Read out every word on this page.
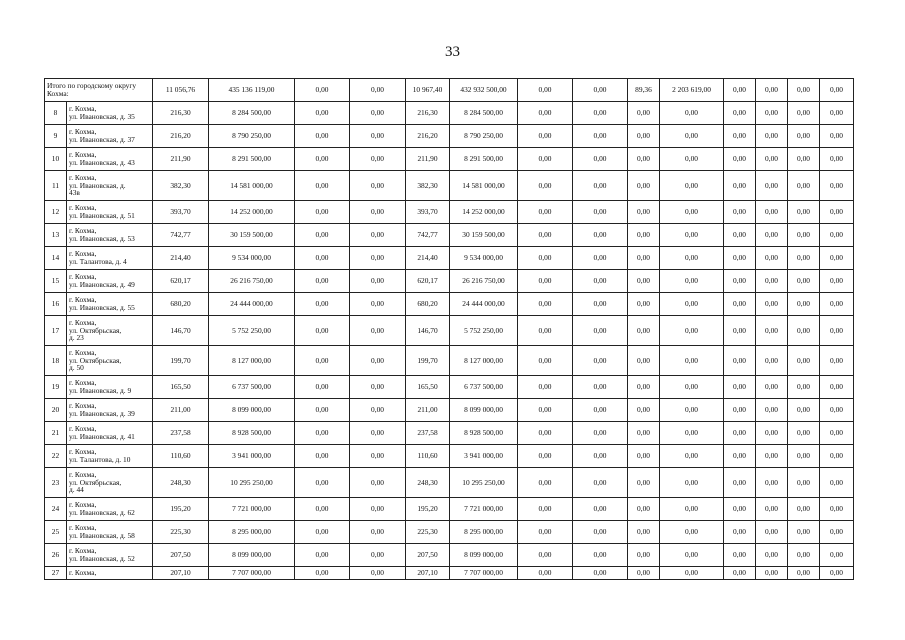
33
Итого по городскому округу Кохма:		11 056,76	435 136 119,00	0,00	0,00	10 967,40	432 932 500,00	0,00	0,00	89,36	2 203 619,00	0,00	0,00	0,00	0,00
8	г. Кохма,
ул. Ивановская, д. 35	216,30	8 284 500,00	0,00	0,00	216,30	8 284 500,00	0,00	0,00	0,00	0,00	0,00	0,00	0,00	0,00
9	г. Кохма,
ул. Ивановская, д. 37	216,20	8 790 250,00	0,00	0,00	216,20	8 790 250,00	0,00	0,00	0,00	0,00	0,00	0,00	0,00	0,00
10	г. Кохма,
ул. Ивановская, д. 43	211,90	8 291 500,00	0,00	0,00	211,90	8 291 500,00	0,00	0,00	0,00	0,00	0,00	0,00	0,00	0,00
11	г. Кохма,
ул. Ивановская, д.
43в	382,30	14 581 000,00	0,00	0,00	382,30	14 581 000,00	0,00	0,00	0,00	0,00	0,00	0,00	0,00	0,00
12	г. Кохма,
ул. Ивановская, д. 51	393,70	14 252 000,00	0,00	0,00	393,70	14 252 000,00	0,00	0,00	0,00	0,00	0,00	0,00	0,00	0,00
13	г. Кохма,
ул. Ивановская, д. 53	742,77	30 159 500,00	0,00	0,00	742,77	30 159 500,00	0,00	0,00	0,00	0,00	0,00	0,00	0,00	0,00
14	г. Кохма,
ул. Талантова, д. 4	214,40	9 534 000,00	0,00	0,00	214,40	9 534 000,00	0,00	0,00	0,00	0,00	0,00	0,00	0,00	0,00
15	г. Кохма,
ул. Ивановская, д. 49	620,17	26 216 750,00	0,00	0,00	620,17	26 216 750,00	0,00	0,00	0,00	0,00	0,00	0,00	0,00	0,00
16	г. Кохма,
ул. Ивановская, д. 55	680,20	24 444 000,00	0,00	0,00	680,20	24 444 000,00	0,00	0,00	0,00	0,00	0,00	0,00	0,00	0,00
17	г. Кохма,
ул. Октябрьская,
д. 23	146,70	5 752 250,00	0,00	0,00	146,70	5 752 250,00	0,00	0,00	0,00	0,00	0,00	0,00	0,00	0,00
18	г. Кохма,
ул. Октябрьская,
д. 50	199,70	8 127 000,00	0,00	0,00	199,70	8 127 000,00	0,00	0,00	0,00	0,00	0,00	0,00	0,00	0,00
19	г. Кохма,
ул. Ивановская, д. 9	165,50	6 737 500,00	0,00	0,00	165,50	6 737 500,00	0,00	0,00	0,00	0,00	0,00	0,00	0,00	0,00
20	г. Кохма,
ул. Ивановская, д. 39	211,00	8 099 000,00	0,00	0,00	211,00	8 099 000,00	0,00	0,00	0,00	0,00	0,00	0,00	0,00	0,00
21	г. Кохма,
ул. Ивановская, д. 41	237,58	8 928 500,00	0,00	0,00	237,58	8 928 500,00	0,00	0,00	0,00	0,00	0,00	0,00	0,00	0,00
22	г. Кохма,
ул. Талантова, д. 10	110,60	3 941 000,00	0,00	0,00	110,60	3 941 000,00	0,00	0,00	0,00	0,00	0,00	0,00	0,00	0,00
23	г. Кохма,
ул. Октябрьская,
д. 44	248,30	10 295 250,00	0,00	0,00	248,30	10 295 250,00	0,00	0,00	0,00	0,00	0,00	0,00	0,00	0,00
24	г. Кохма,
ул. Ивановская, д. 62	195,20	7 721 000,00	0,00	0,00	195,20	7 721 000,00	0,00	0,00	0,00	0,00	0,00	0,00	0,00	0,00
25	г. Кохма,
ул. Ивановская, д. 58	225,30	8 295 000,00	0,00	0,00	225,30	8 295 000,00	0,00	0,00	0,00	0,00	0,00	0,00	0,00	0,00
26	г. Кохма,
ул. Ивановская, д. 52	207,50	8 099 000,00	0,00	0,00	207,50	8 099 000,00	0,00	0,00	0,00	0,00	0,00	0,00	0,00	0,00
27	г. Кохма,	207,10	7 707 000,00	0,00	0,00	207,10	7 707 000,00	0,00	0,00	0,00	0,00	0,00	0,00	0,00	0,00
